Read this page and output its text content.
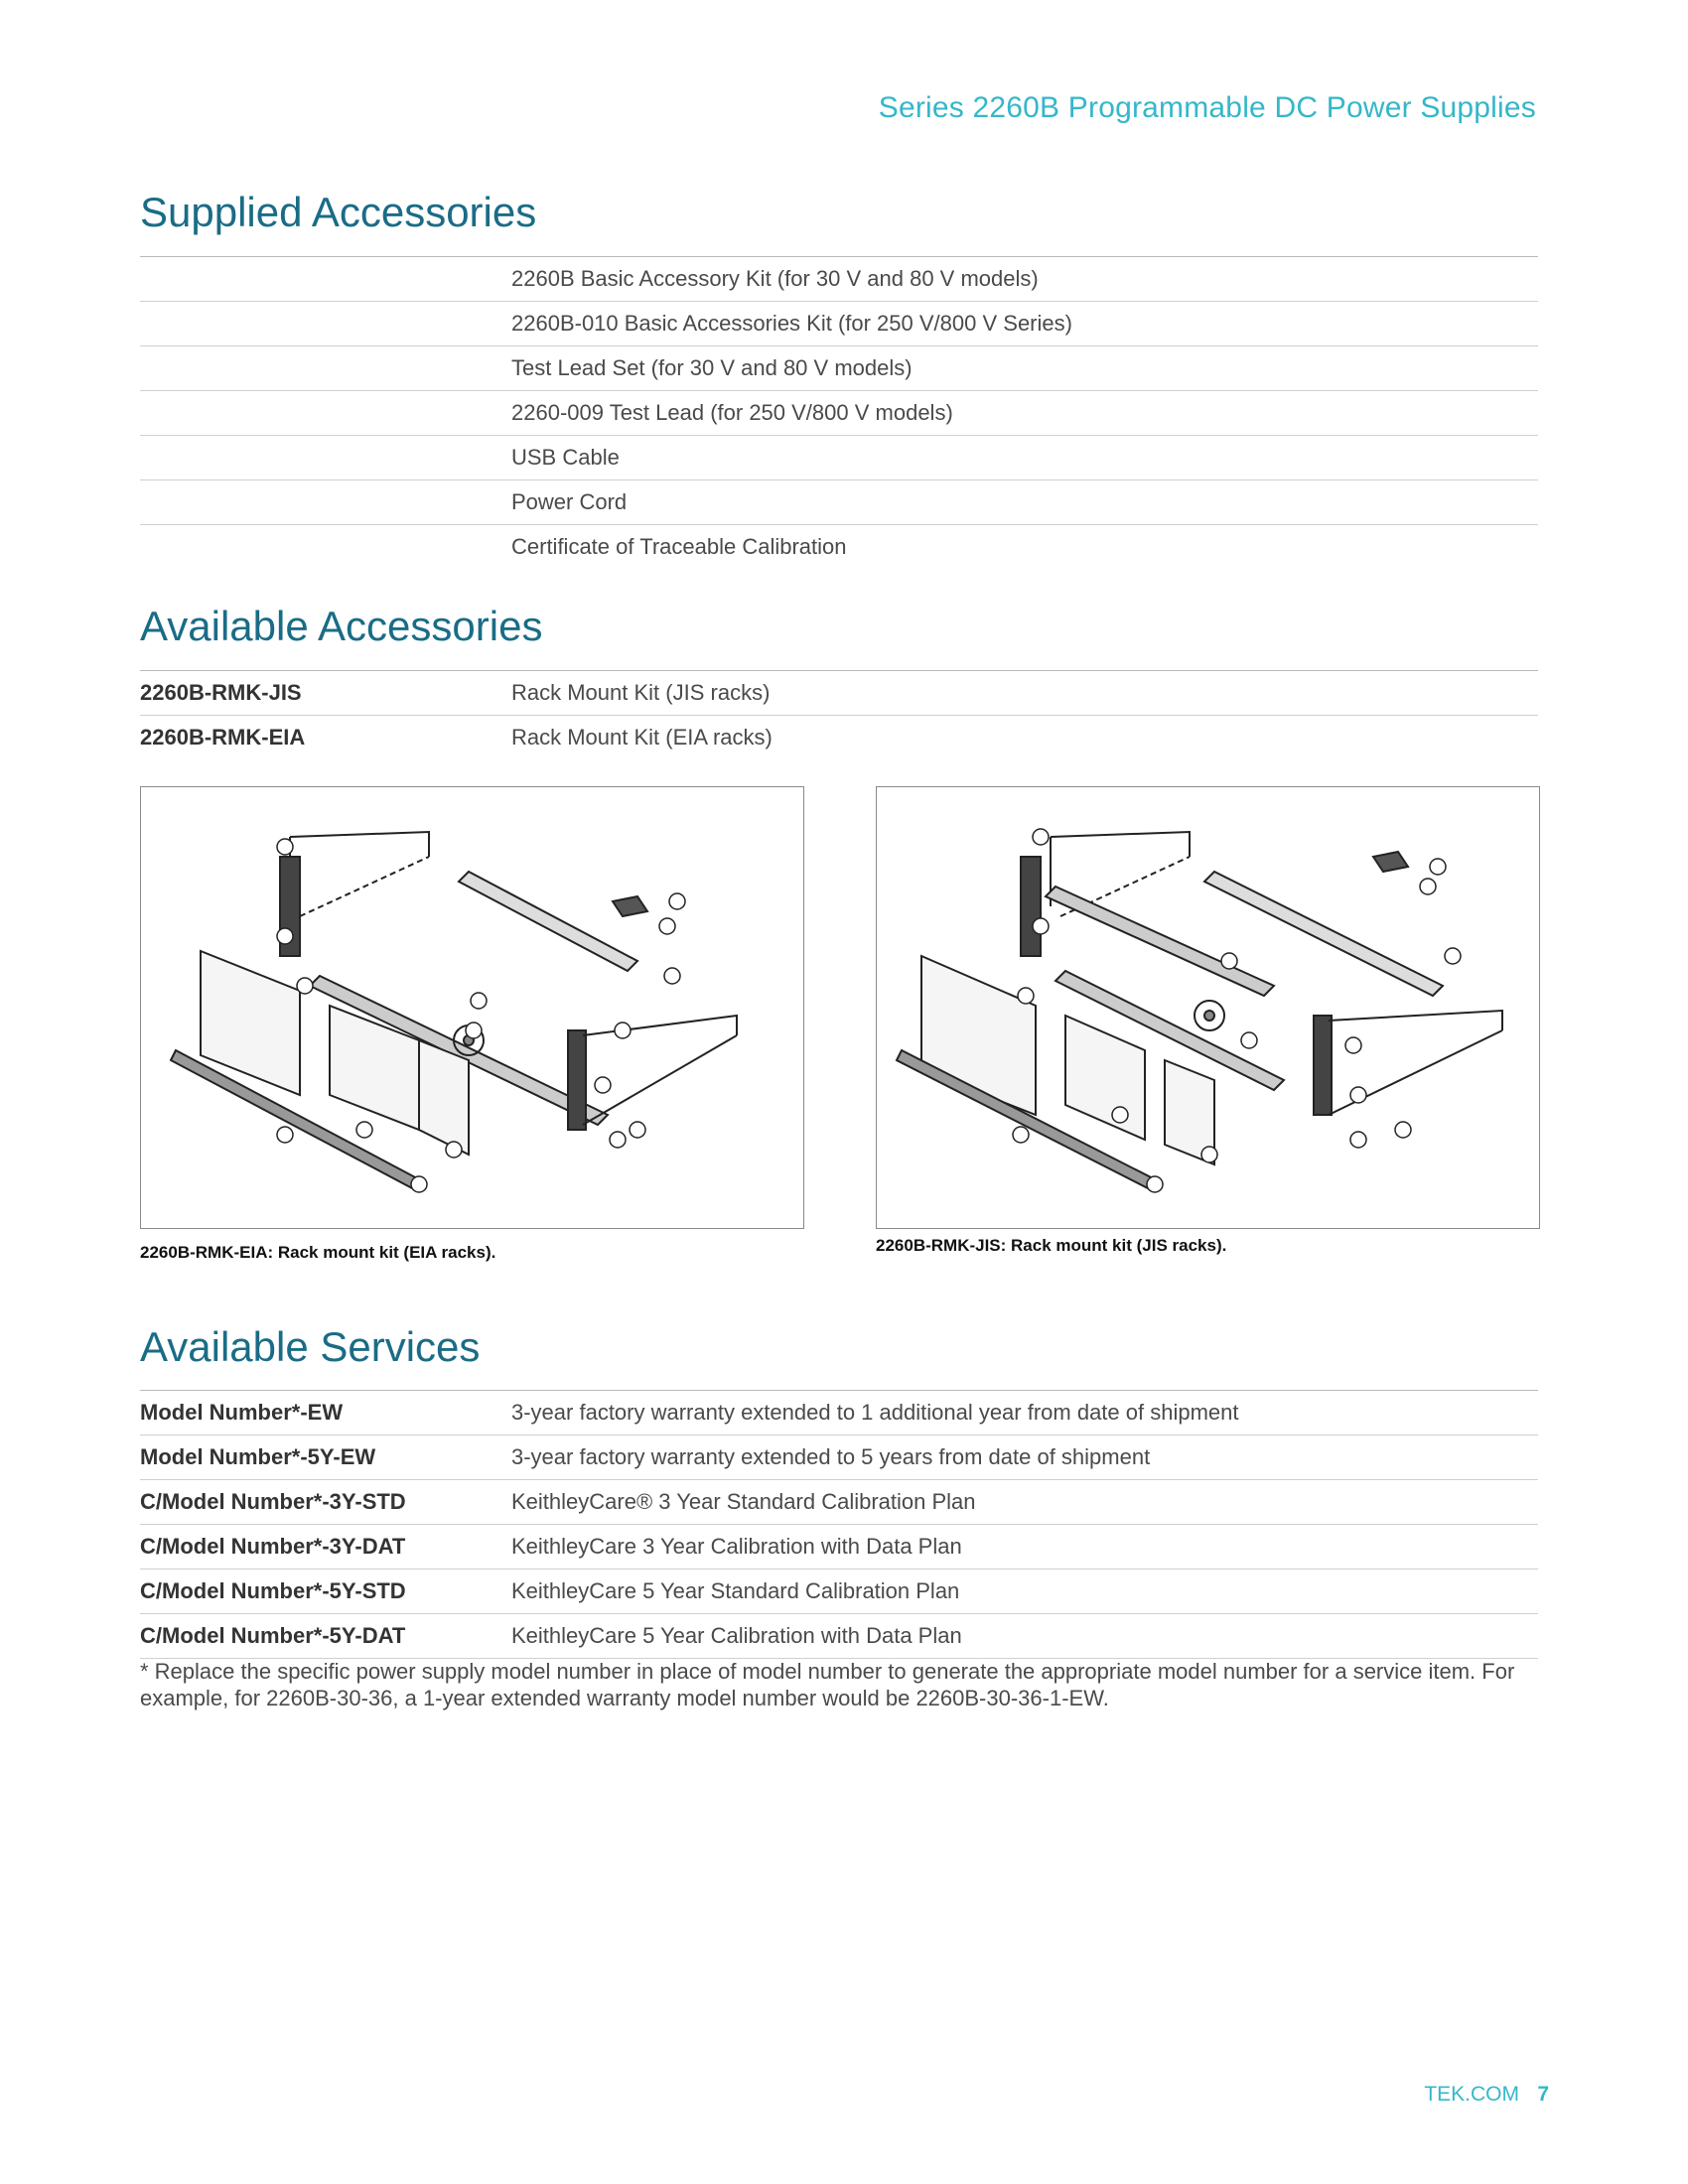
Series 2260B Programmable DC Power Supplies
Supplied Accessories
2260B Basic Accessory Kit (for 30 V and 80 V models)
2260B-010 Basic Accessories Kit (for 250 V/800 V Series)
Test Lead Set (for 30 V and 80 V models)
2260-009 Test Lead (for 250 V/800 V models)
USB Cable
Power Cord
Certificate of Traceable Calibration
Available Accessories
2260B-RMK-JIS	Rack Mount Kit (JIS racks)
2260B-RMK-EIA	Rack Mount Kit (EIA racks)
2260B-RMK-EIA: Rack mount kit (EIA racks).	2260B-RMK-JIS: Rack mount kit (JIS racks).
Available Services
Model Number*-EW	3-year factory warranty extended to 1 additional year from date of shipment
Model Number*-5Y-EW	3-year factory warranty extended to 5 years from date of shipment
C/Model Number*-3Y-STD	KeithleyCare® 3 Year Standard Calibration Plan
C/Model Number*-3Y-DAT	KeithleyCare 3 Year Calibration with Data Plan
C/Model Number*-5Y-STD	KeithleyCare 5 Year Standard Calibration Plan
C/Model Number*-5Y-DAT	KeithleyCare 5 Year Calibration with Data Plan
* Replace the specific power supply model number in place of model number to generate the appropriate model number for a service item. For example, for 2260B-30-36, a 1-year extended warranty model number would be 2260B-30-36-1-EW.
TEK.COM 7
